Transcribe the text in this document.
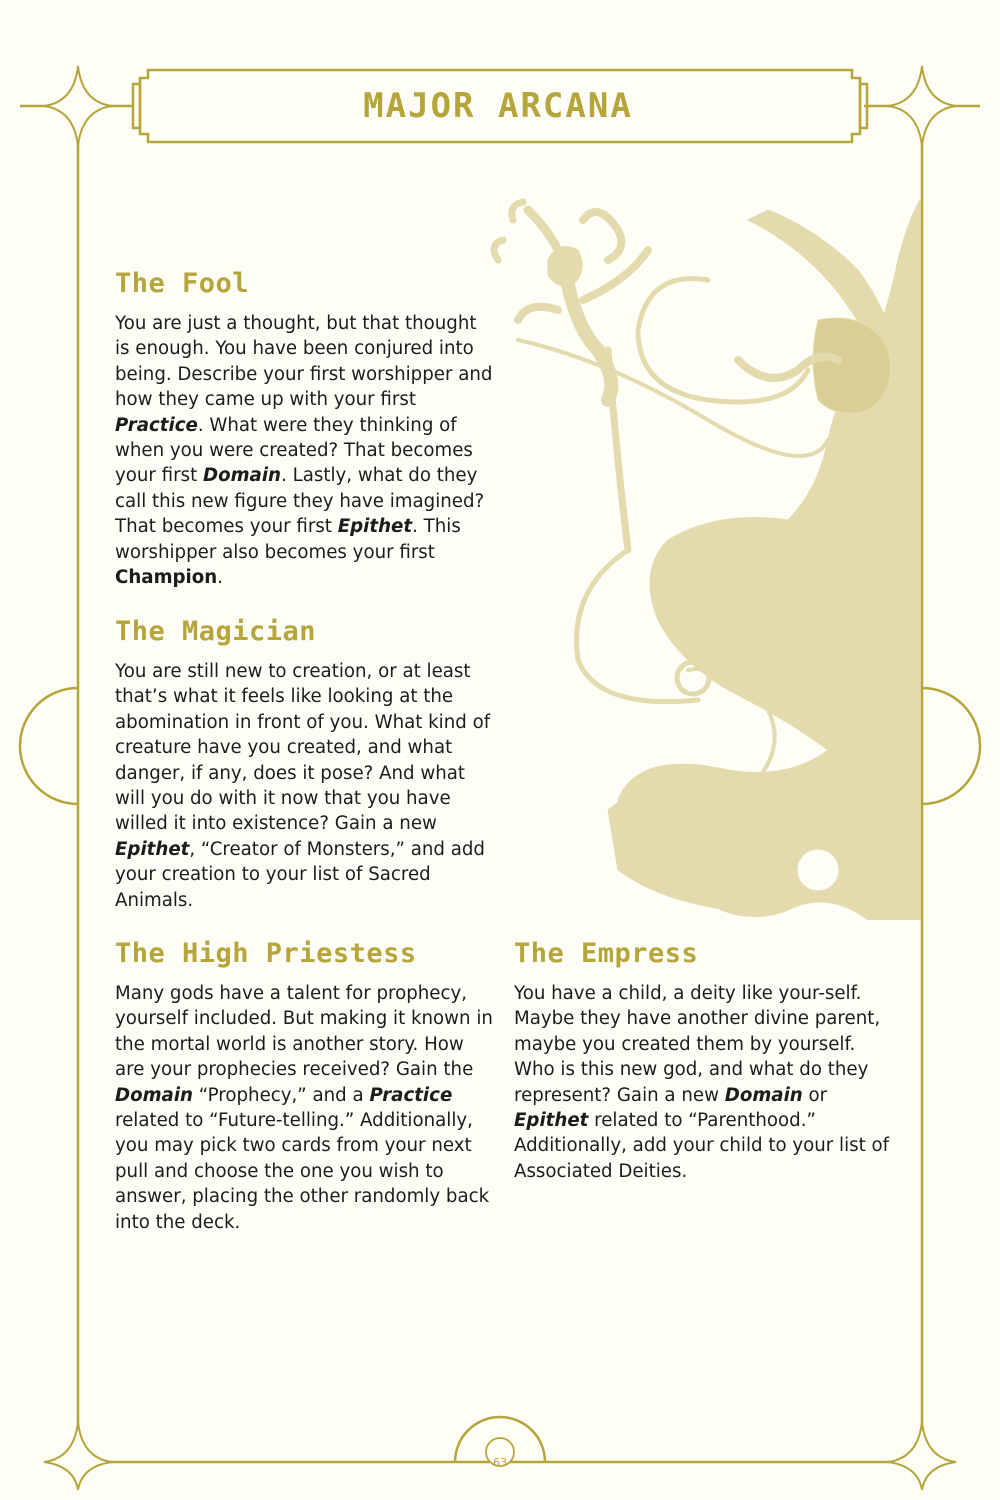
MAJOR ARCANA
The Fool

You are just a thought, but that thought is enough. You have been conjured into being. Describe your first worshipper and how they came up with your first Practice. What were they thinking of when you were created? That becomes your first Domain. Lastly, what do they call this new figure they have imagined? That becomes your first Epithet. This worshipper also becomes your first Champion.

The Magician

You are still new to creation, or at least that’s what it feels like looking at the abomination in front of you. What kind of creature have you created, and what danger, if any, does it pose? And what will you do with it now that you have willed it into existence? Gain a new Epithet, “Creator of Monsters,” and add your creation to your list of Sacred Animals.

The High Priestess

Many gods have a talent for prophecy, yourself included. But making it known in the mortal world is another story. How are your prophecies received? Gain the Domain “Prophecy,” and a Practice related to “Future-telling.” Additionally, you may pick two cards from your next pull and choose the one you wish to answer, placing the other randomly back into the deck.

The Empress

You have a child, a deity like your-self. Maybe they have another divine parent, maybe you created them by yourself. Who is this new god, and what do they represent? Gain a new Domain or Epithet related to “Parenthood.” Additionally, add your child to your list of Associated Deities.

63
